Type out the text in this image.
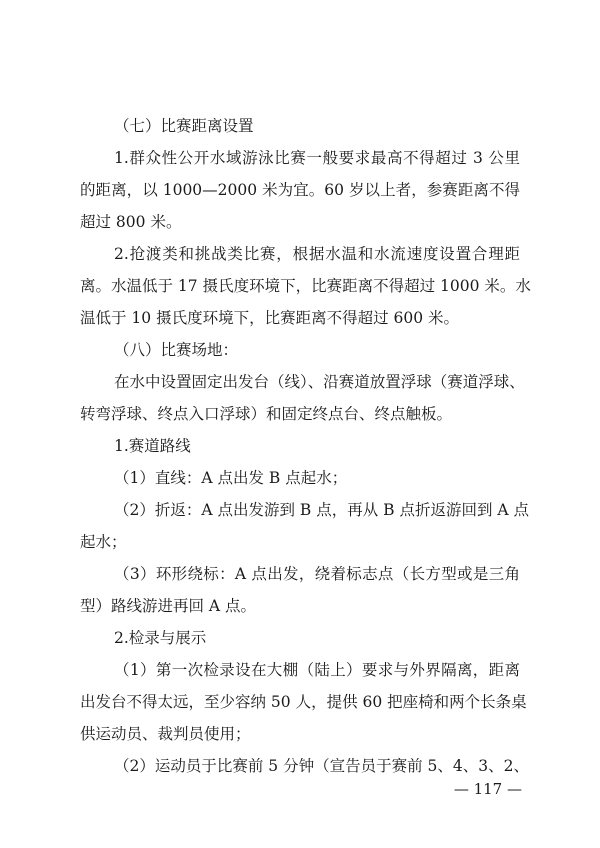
（七）比赛距离设置
1.群众性公开水域游泳比赛一般要求最高不得超过 3 公里
的距离，以 1000—2000 米为宜。60 岁以上者，参赛距离不得
超过 800 米。
2.抢渡类和挑战类比赛，根据水温和水流速度设置合理距
离。水温低于 17 摄氏度环境下，比赛距离不得超过 1000 米。水
温低于 10 摄氏度环境下，比赛距离不得超过 600 米。
（八）比赛场地：
在水中设置固定出发台（线）、沿赛道放置浮球（赛道浮球、
转弯浮球、终点入口浮球）和固定终点台、终点触板。
1.赛道路线
（1）直线：A 点出发 B 点起水；
（2）折返：A 点出发游到 B 点，再从 B 点折返游回到 A 点
起水；
（3）环形绕标：A 点出发，绕着标志点（长方型或是三角
型）路线游进再回 A 点。
2.检录与展示
（1）第一次检录设在大棚（陆上）要求与外界隔离，距离
出发台不得太远，至少容纳 50 人，提供 60 把座椅和两个长条桌
供运动员、裁判员使用；
（2）运动员于比赛前 5 分钟（宣告员于赛前 5、4、3、2、
— 117 —
